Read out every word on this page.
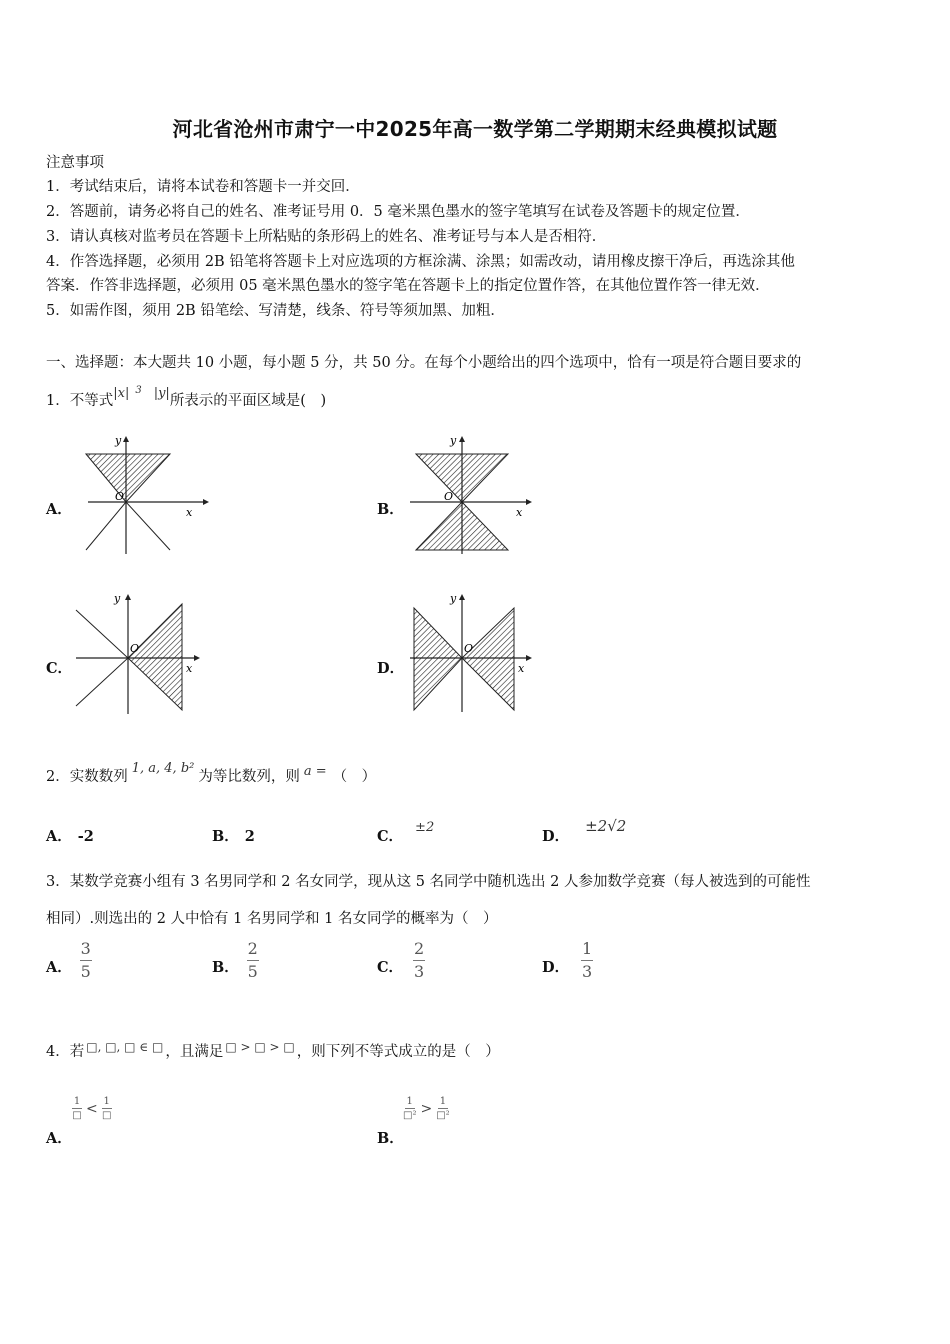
河北省沧州市肃宁一中2025年高一数学第二学期期末经典模拟试题
注意事项
1．考试结束后，请将本试卷和答题卡一并交回．
2．答题前，请务必将自己的姓名、准考证号用 0．5 毫米黑色墨水的签字笔填写在试卷及答题卡的规定位置．
3．请认真核对监考员在答题卡上所粘贴的条形码上的姓名、准考证号与本人是否相符．
4．作答选择题，必须用 2B 铅笔将答题卡上对应选项的方框涂满、涂黑；如需改动，请用橡皮擦干净后，再选涂其他
答案．作答非选择题，必须用 05 毫米黑色墨水的签字笔在答题卡上的指定位置作答，在其他位置作答一律无效．
5．如需作图，须用 2B 铅笔绘、写清楚，线条、符号等须加黑、加粗．
一、选择题：本大题共 10 小题，每小题 5 分，共 50 分。在每个小题给出的四个选项中，恰有一项是符合题目要求的
1．不等式|x| $^3$ |y|所表示的平面区域是(　)
A．
y
x
O
B．
y
x
O
C．
y
x
O
D．
y
x
O
2．实数数列1, a, 4, b²为等比数列，则 a = （　）
A． -2	B． 2	C．±2
D．±2√2
3．某数学竞赛小组有 3 名男同学和 2 名女同学，现从这 5 名同学中随机选出 2 人参加数学竞赛（每人被选到的可能性
相同）.则选出的 2 人中恰有 1 名男同学和 1 名女同学的概率为（　）
A． $\frac{3}{5}$	B． $\frac{2}{5}$	C． $\frac{2}{3}$	D． $\frac{1}{3}$
4．若 □, □, □ ∈ □ ，且满足 □ > □ > □ ，则下列不等式成立的是（　）
$\frac{1}{□} < \frac{1}{□}$
A．
$\frac{1}{\text{□²}} > \frac{1}{\text{□²}}$
B．
